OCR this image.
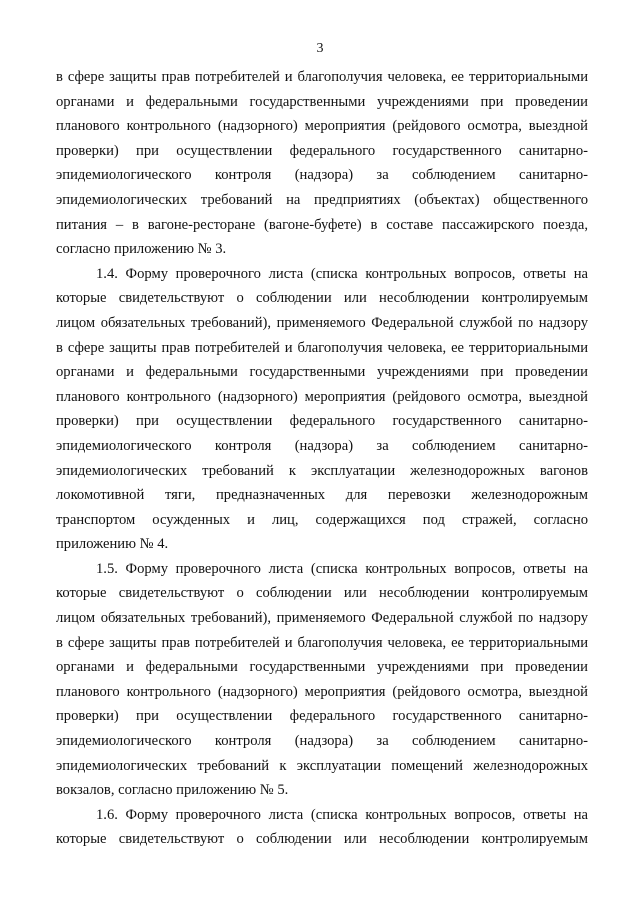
3
в сфере защиты прав потребителей и благополучия человека, ее территориальными
органами и федеральными государственными учреждениями при проведении
планового контрольного (надзорного) мероприятия (рейдового осмотра, выездной
проверки) при осуществлении федерального государственного санитарно-
эпидемиологического контроля (надзора) за соблюдением санитарно-
эпидемиологических требований на предприятиях (объектах) общественного
питания – в вагоне-ресторане (вагоне-буфете) в составе пассажирского поезда,
согласно приложению № 3.
1.4. Форму проверочного листа (списка контрольных вопросов, ответы на
которые свидетельствуют о соблюдении или несоблюдении контролируемым
лицом обязательных требований), применяемого Федеральной службой по надзору
в сфере защиты прав потребителей и благополучия человека, ее территориальными
органами и федеральными государственными учреждениями при проведении
планового контрольного (надзорного) мероприятия (рейдового осмотра, выездной
проверки) при осуществлении федерального государственного санитарно-
эпидемиологического контроля (надзора) за соблюдением санитарно-
эпидемиологических требований к эксплуатации железнодорожных вагонов
локомотивной тяги, предназначенных для перевозки железнодорожным
транспортом осужденных и лиц, содержащихся под стражей, согласно
приложению № 4.
1.5. Форму проверочного листа (списка контрольных вопросов, ответы на
которые свидетельствуют о соблюдении или несоблюдении контролируемым
лицом обязательных требований), применяемого Федеральной службой по надзору
в сфере защиты прав потребителей и благополучия человека, ее территориальными
органами и федеральными государственными учреждениями при проведении
планового контрольного (надзорного) мероприятия (рейдового осмотра, выездной
проверки) при осуществлении федерального государственного санитарно-
эпидемиологического контроля (надзора) за соблюдением санитарно-
эпидемиологических требований к эксплуатации помещений железнодорожных
вокзалов, согласно приложению № 5.
1.6. Форму проверочного листа (списка контрольных вопросов, ответы на
которые свидетельствуют о соблюдении или несоблюдении контролируемым
